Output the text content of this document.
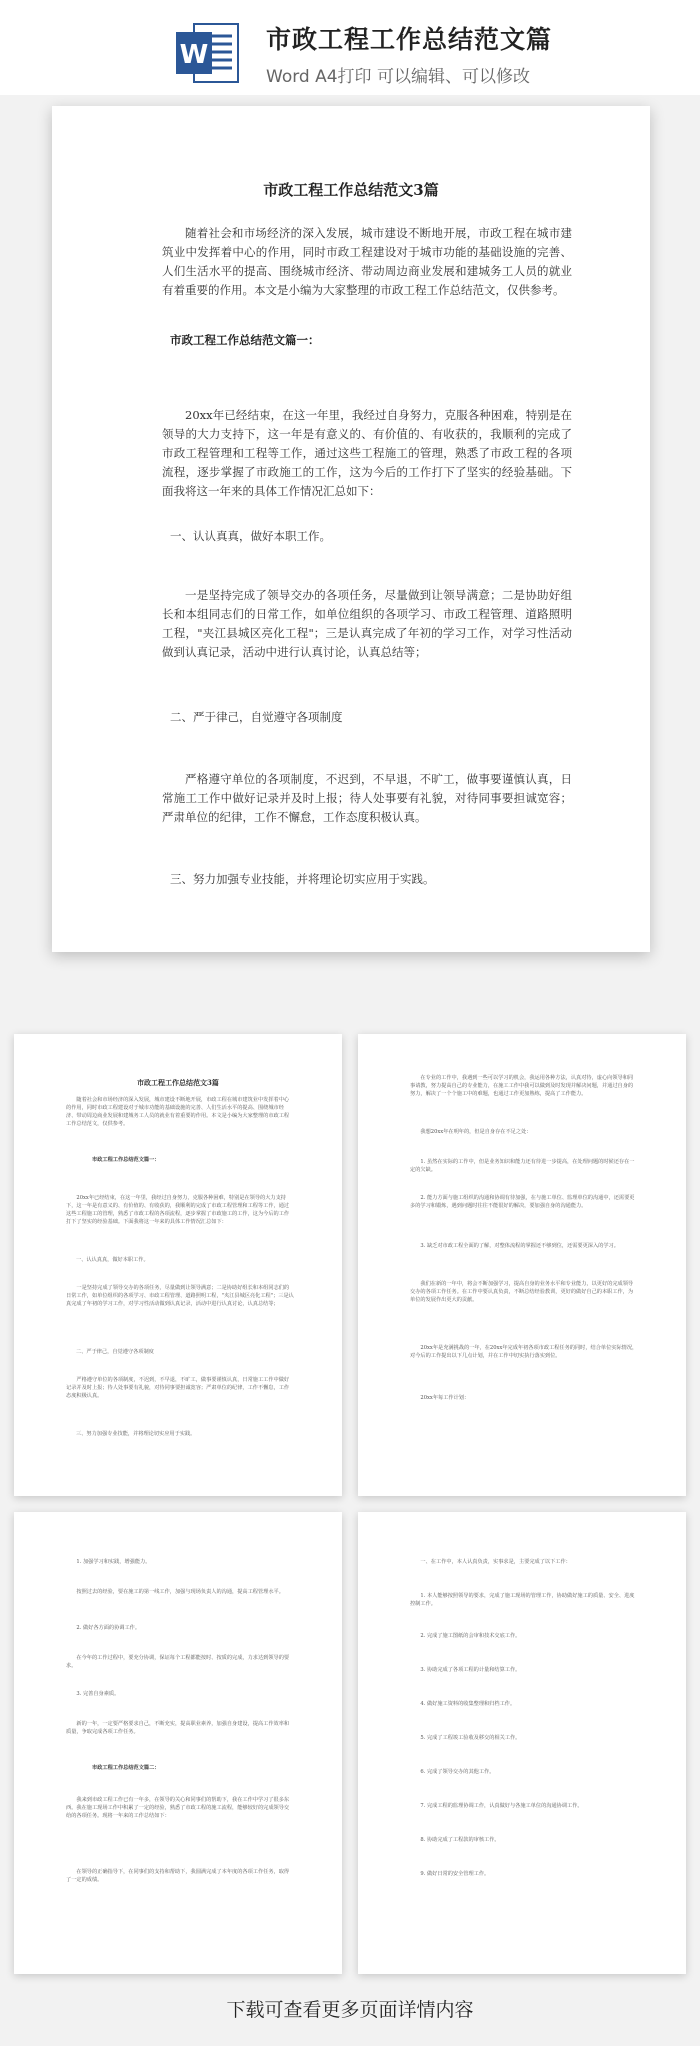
W
市政工程工作总结范文篇
Word A4打印 可以编辑、可以修改
市政工程工作总结范文3篇

随着社会和市场经济的深入发展，城市建设不断地开展，市政工程在城市建筑业中发挥着中心的作用，同时市政工程建设对于城市功能的基础设施的完善、人们生活水平的提高、围绕城市经济、带动周边商业发展和建城务工人员的就业有着重要的作用。本文是小编为大家整理的市政工程工作总结范文，仅供参考。

市政工程工作总结范文篇一：

20xx年已经结束，在这一年里，我经过自身努力，克服各种困难，特别是在领导的大力支持下，这一年是有意义的、有价值的、有收获的，我顺利的完成了市政工程管理和工程等工作，通过这些工程施工的管理，熟悉了市政工程的各项流程，逐步掌握了市政施工的工作，这为今后的工作打下了坚实的经验基础。下面我将这一年来的具体工作情况汇总如下：

一、认认真真，做好本职工作。

一是坚持完成了领导交办的各项任务，尽量做到让领导满意；二是协助好组长和本组同志们的日常工作，如单位组织的各项学习、市政工程管理、道路照明工程，"夹江县城区亮化工程"；三是认真完成了年初的学习工作，对学习性活动做到认真记录，活动中进行认真讨论，认真总结等；

二、严于律己，自觉遵守各项制度

严格遵守单位的各项制度，不迟到，不早退，不旷工，做事要谨慎认真，日常施工工作中做好记录并及时上报；待人处事要有礼貌，对待同事要担诚宽容；严肃单位的纪律，工作不懈怠，工作态度积极认真。

三、努力加强专业技能，并将理论切实应用于实践。

市政工程工作总结范文3篇

随着社会和市场经济的深入发展，城市建设不断地开展，市政工程在城市建筑业中发挥着中心的作用，同时市政工程建设对于城市功能的基础设施的完善、人们生活水平的提高、围绕城市经济、带动周边商业发展和建城务工人员的就业有着重要的作用。本文是小编为大家整理的市政工程工作总结范文，仅供参考。

市政工程工作总结范文篇一：

20xx年已经结束，在这一年里，我经过自身努力，克服各种困难，特别是在领导的大力支持下，这一年是有意义的、有价值的、有收获的，我顺利的完成了市政工程管理和工程等工作，通过这些工程施工的管理，熟悉了市政工程的各项流程，逐步掌握了市政施工的工作，这为今后的工作打下了坚实的经验基础。下面我将这一年来的具体工作情况汇总如下：

一、认认真真，做好本职工作。

一是坚持完成了领导交办的各项任务，尽量做到让领导满意；二是协助好组长和本组同志们的日常工作，如单位组织的各项学习、市政工程管理、道路照明工程，"夹江县城区亮化工程"；三是认真完成了年初的学习工作，对学习性活动做到认真记录，活动中进行认真讨论，认真总结等；

二、严于律己，自觉遵守各项制度

严格遵守单位的各项制度，不迟到，不早退，不旷工，做事要谨慎认真，日常施工工作中做好记录并及时上报；待人处事要有礼貌，对待同事要担诚宽容；严肃单位的纪律，工作不懈怠，工作态度积极认真。

三、努力加强专业技能，并将理论切实应用于实践。

在专业的工作中，我遇到一些可以学习的机会，我运用各种方法，认真对待，虚心向领导和同事请教，努力提高自己的专业能力，在施工工作中我可以做到及时发现并解决问题，并通过自身的努力，解决了一个个施工中的难题，也通过工作更加熟练，提高了工作能力。

我想20xx年在明年的，但是自身存在不足之处：

1. 虽然在实际的工作中，但是业务知识和能力还有待进一步提高，在处理问题的时候还存在一定的欠缺。

2. 能力方面与施工组织的沟通和协调有待加强，在与施工单位、监理单位的沟通中，还需要更多的学习和锻炼，遇到问题时往往不能很好的解决，要加强自身的沟通能力。

3. 缺乏对市政工程全面的了解，对整体流程的掌握还不够到位，还需要更深入的学习。

我们在新的一年中，将会不断加强学习，提高自身的业务水平和专业能力，以更好的完成领导交办的各项工作任务。在工作中要认真负责，不断总结经验教训，更好的做好自己的本职工作，为单位的发展作出更大的贡献。

20xx年是充满挑战的一年，在20xx年完成年初各项市政工程任务的同时，结合单位实际情况，对今后的工作提出以下几点计划，并在工作中切实执行落实到位。

20xx年每工作计划：

1. 加强学习和实践，增强能力。

按照过去的经验，要在施工的第一线工作，加强与现场负责人的沟通，提高工程管理水平。

2. 做好各方面的协调工作。

在今年的工作过程中，要充分协调，保证每个工程都能按时、按质的完成，力求达到领导的要求。

3. 完善自身素质。

新的一年，一定要严格要求自己，不断充实，提高职业素养，加强自身建设，提高工作效率和质量，争取完成各项工作任务。

市政工程工作总结范文篇二：

我来到市政工程工作已有一年多，在领导的关心和同事们的帮助下，我在工作中学习了很多东西。我在施工现场工作中积累了一定的经验，熟悉了市政工程的施工流程，能够较好的完成领导交给的各项任务。现将一年来的工作总结如下：

在领导的正确指导下，在同事们的支持和帮助下，我圆满完成了本年度的各项工作任务，取得了一定的成绩。

一、在工作中，本人认真负责，实事求是，主要完成了以下工作：

1. 本人能够按照领导的要求，完成了施工现场的管理工作，协助做好施工的质量、安全、进度控制工作。

2. 完成了施工图纸的会审和技术交底工作。

3. 协助完成了各项工程的计量和结算工作。

4. 做好施工资料的收集整理和归档工作。

5. 完成了工程竣工验收及移交的相关工作。

6. 完成了领导交办的其他工作。

7. 完成工程的监理协调工作，认真做好与各施工单位的沟通协调工作。

8. 协助完成了工程款的审核工作。

9. 做好日常的安全管理工作。

下载可查看更多页面详情内容
